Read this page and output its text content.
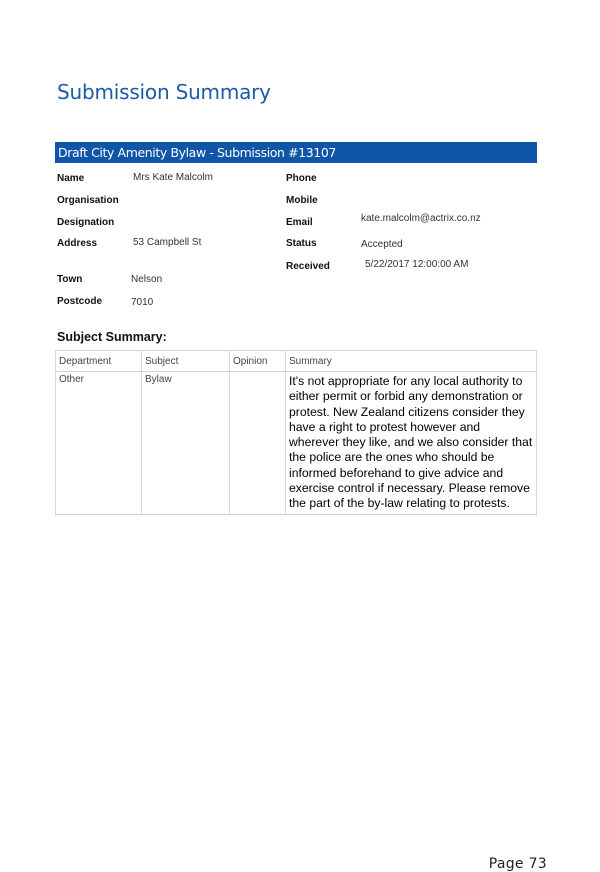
Submission Summary
Draft City Amenity Bylaw - Submission #13107
Name	Mrs Kate Malcolm
Organisation
Designation
Address	53 Campbell St
Town	Nelson
Postcode	7010
Phone
Mobile
Email	kate.malcolm@actrix.co.nz
Status	Accepted
Received	5/22/2017 12:00:00 AM
Subject Summary:
Department	Subject	Opinion	Summary
Other	Bylaw		It's not appropriate for any local authority to either permit or forbid any demonstration or protest. New Zealand citizens consider they have a right to protest however and wherever they like, and we also consider that the police are the ones who should be informed beforehand to give advice and exercise control if necessary. Please remove the part of the by-law relating to protests.
Page 73
